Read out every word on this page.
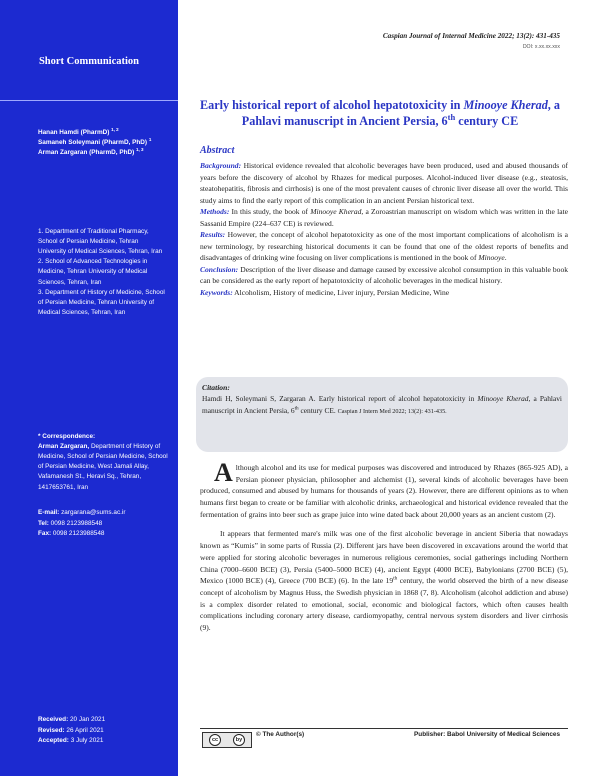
Short Communication
Hanan Hamdi (PharmD) $^{1, 2}$
Samaneh Soleymani (PharmD, PhD) $^1$
Arman Zargaran (PharmD, PhD) $^{1, 3}$
1. Department of Traditional Pharmacy, School of Persian Medicine, Tehran University of Medical Sciences, Tehran, Iran
2. School of Advanced Technologies in Medicine, Tehran University of Medical Sciences, Tehran, Iran
3. Department of History of Medicine, School of Persian Medicine, Tehran University of Medical Sciences, Tehran, Iran
* Correspondence:
Arman Zargaran, Department of History of Medicine, School of Persian Medicine, School of Persian Medicine, West Jamali Allay, Vafamanesh St., Heravi Sq., Tehran, 1417653761, Iran
E-mail: zargarana@sums.ac.ir
Tel: 0098 2123988548
Fax: 0098 2123988548
Received: 20 Jan 2021
Revised: 26 April 2021
Accepted: 3 July 2021
Caspian Journal of Internal Medicine 2022; 13(2): 431-435
DOI: x.xx.xx.xxx
Early historical report of alcohol hepatotoxicity in Minooye Kherad, a Pahlavi manuscript in Ancient Persia, 6th century CE
Abstract

Background: Historical evidence revealed that alcoholic beverages have been produced, used and abused thousands of years before the discovery of alcohol by Rhazes for medical purposes. Alcohol-induced liver disease (e.g., steatosis, steatohepatitis, fibrosis and cirrhosis) is one of the most prevalent causes of chronic liver disease all over the world. This study aims to find the early report of this complication in an ancient Persian historical text.

Methods: In this study, the book of Minooye Kherad, a Zoroastrian manuscript on wisdom which was written in the late Sassanid Empire (224–637 CE) is reviewed.

Results: However, the concept of alcohol hepatotoxicity as one of the most important complications of alcoholism is a new terminology, by researching historical documents it can be found that one of the oldest reports of benefits and disadvantages of drinking wine focusing on liver complications is mentioned in the book of Minooye.

Conclusion: Description of the liver disease and damage caused by excessive alcohol consumption in this valuable book can be considered as the early report of hepatotoxicity of alcoholic beverages in the medical history.

Keywords: Alcoholism, History of medicine, Liver injury, Persian Medicine, Wine

Citation:
Hamdi H, Soleymani S, Zargaran A. Early historical report of alcohol hepatotoxicity in Minooye Kherad, a Pahlavi manuscript in Ancient Persia, 6th century CE. Caspian J Intern Med 2022; 13(2): 431-435.

Although alcohol and its use for medical purposes was discovered and introduced by Rhazes (865-925 AD), a Persian pioneer physician, philosopher and alchemist (1), several kinds of alcoholic beverages have been produced, consumed and abused by humans for thousands of years (2). However, there are different opinions as to when humans first began to create or be familiar with alcoholic drinks, archaeological and historical evidence revealed that the fermentation of grains into beer such as grape juice into wine dated back about 20,000 years as an ancient custom (2).

It appears that fermented mare's milk was one of the first alcoholic beverage in ancient Siberia that nowadays known as “Kumis” in some parts of Russia (2). Different jars have been discovered in excavations around the world that were applied for storing alcoholic beverages in numerous religious ceremonies, social gatherings including Northern China (7000–6600 BCE) (3), Persia (5400–5000 BCE) (4), ancient Egypt (4000 BCE), Babylonians (2700 BCE) (5), Mexico (1000 BCE) (4), Greece (700 BCE) (6). In the late 19th century, the world observed the birth of a new disease concept of alcoholism by Magnus Huss, the Swedish physician in 1868 (7, 8). Alcoholism (alcohol addiction and abuse) is a complex disorder related to emotional, social, economic and biological factors, which often causes health complications including coronary artery disease, cardiomyopathy, central nervous system disorders and liver cirrhosis (9).

cc	by
© The Author(s)	Publisher: Babol University of Medical Sciences
